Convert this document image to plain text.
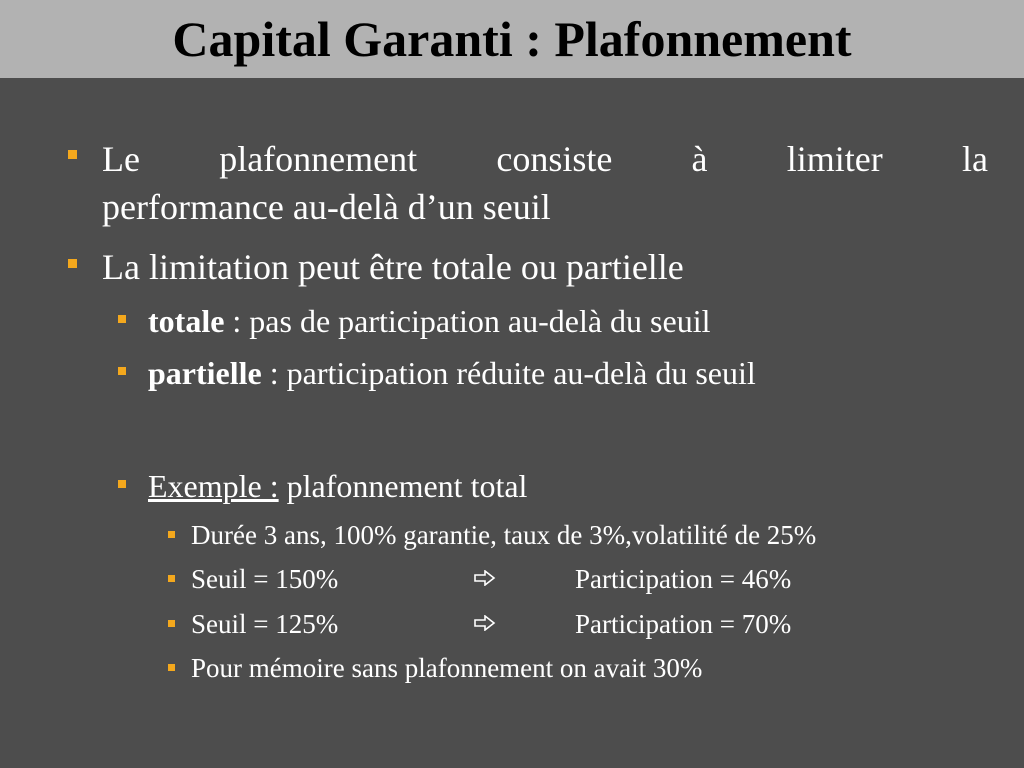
Capital Garanti : Plafonnement
Le plafonnement consiste à limiter la
performance au-delà d’un seuil
La limitation peut être totale ou partielle
totale : pas de participation au-delà du seuil
partielle : participation réduite au-delà du seuil
Exemple : plafonnement total
Durée 3 ans, 100% garantie, taux de 3%,volatilité de 25%
Seuil = 150%	Participation = 46%
Seuil = 125%	Participation = 70%
Pour mémoire sans plafonnement on avait 30%
